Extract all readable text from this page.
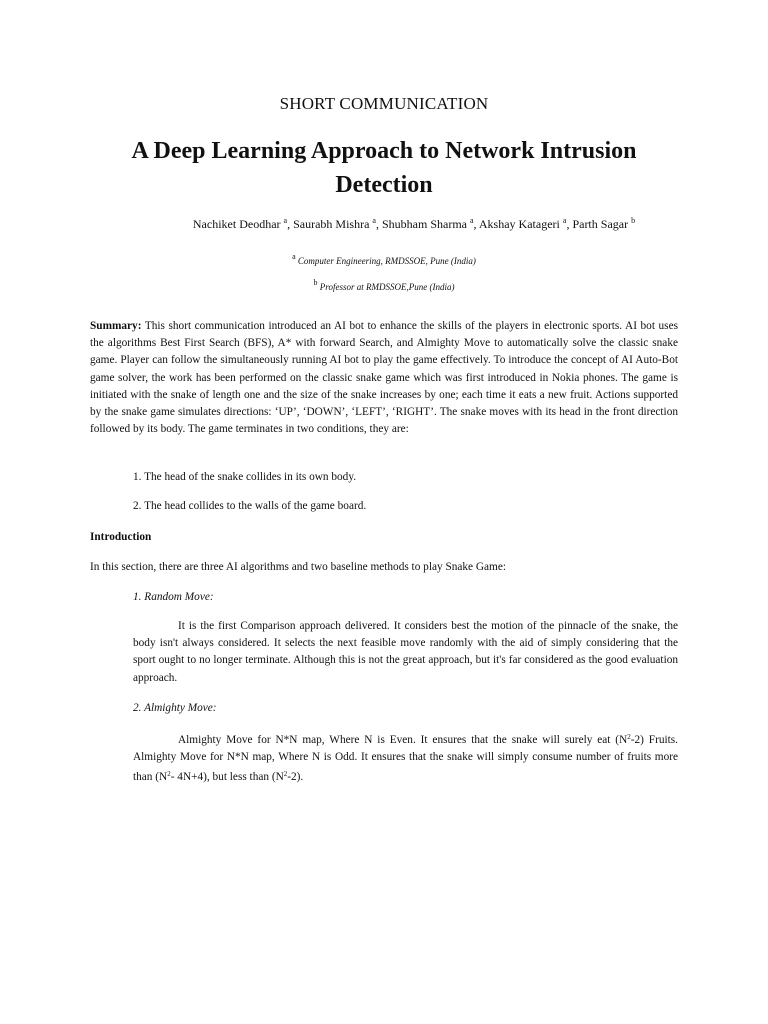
SHORT COMMUNICATION
A Deep Learning Approach to Network Intrusion Detection
Nachiket Deodhar $^a$, Saurabh Mishra $^a$, Shubham Sharma $^a$, Akshay Katageri $^a$, Parth Sagar $^b$
a Computer Engineering, RMDSSOE, Pune (India)
b Professor at RMDSSOE,Pune (India)
Summary: This short communication introduced an AI bot to enhance the skills of the players in electronic sports. AI bot uses the algorithms Best First Search (BFS), A* with forward Search, and Almighty Move to automatically solve the classic snake game. Player can follow the simultaneously running AI bot to play the game effectively. To introduce the concept of AI Auto-Bot game solver, the work has been performed on the classic snake game which was first introduced in Nokia phones. The game is initiated with the snake of length one and the size of the snake increases by one; each time it eats a new fruit. Actions supported by the snake game simulates directions: ‘UP’, ‘DOWN’, ‘LEFT’, ‘RIGHT’. The snake moves with its head in the front direction followed by its body. The game terminates in two conditions, they are:
1. The head of the snake collides in its own body.
2. The head collides to the walls of the game board.
Introduction
In this section, there are three AI algorithms and two baseline methods to play Snake Game:
1. Random Move:
It is the first Comparison approach delivered. It considers best the motion of the pinnacle of the snake, the body isn't always considered. It selects the next feasible move randomly with the aid of simply considering that the sport ought to no longer terminate. Although this is not the great approach, but it's far considered as the good evaluation approach.
2. Almighty Move:
Almighty Move for N*N map, Where N is Even. It ensures that the snake will surely eat $(N^2-2)$ Fruits. Almighty Move for N*N map, Where N is Odd. It ensures that the snake will simply consume number of fruits more than ($N^2-$ 4N+4), but less than $(N^2-2)$.
